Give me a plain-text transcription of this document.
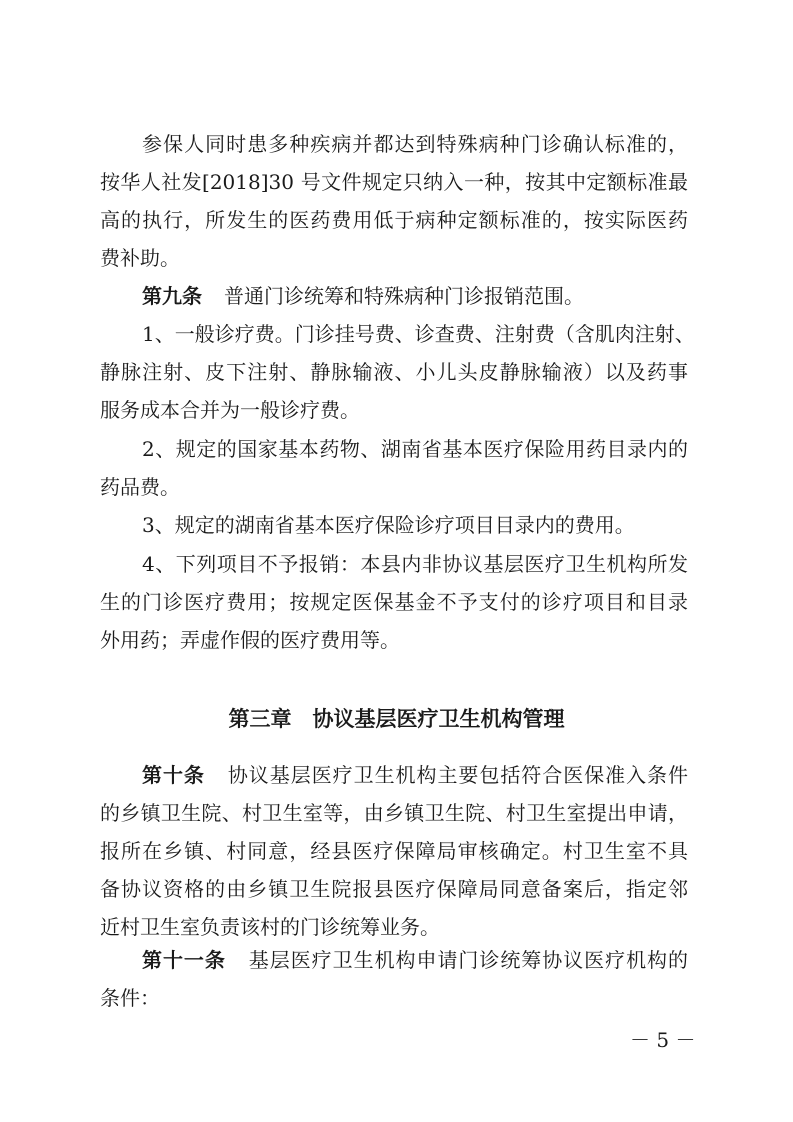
参保人同时患多种疾病并都达到特殊病种门诊确认标准的，
按华人社发[2018]30 号文件规定只纳入一种，按其中定额标准最
高的执行，所发生的医药费用低于病种定额标准的，按实际医药
费补助。
第九条 普通门诊统筹和特殊病种门诊报销范围。
1、一般诊疗费。门诊挂号费、诊查费、注射费（含肌肉注射、
静脉注射、皮下注射、静脉输液、小儿头皮静脉输液）以及药事
服务成本合并为一般诊疗费。
2、规定的国家基本药物、湖南省基本医疗保险用药目录内的
药品费。
3、规定的湖南省基本医疗保险诊疗项目目录内的费用。
4、下列项目不予报销：本县内非协议基层医疗卫生机构所发
生的门诊医疗费用；按规定医保基金不予支付的诊疗项目和目录
外用药；弄虚作假的医疗费用等。
第三章　协议基层医疗卫生机构管理
第十条 协议基层医疗卫生机构主要包括符合医保准入条件
的乡镇卫生院、村卫生室等，由乡镇卫生院、村卫生室提出申请，
报所在乡镇、村同意，经县医疗保障局审核确定。村卫生室不具
备协议资格的由乡镇卫生院报县医疗保障局同意备案后，指定邻
近村卫生室负责该村的门诊统筹业务。
第十一条 基层医疗卫生机构申请门诊统筹协议医疗机构的
条件：
－ 5 －
